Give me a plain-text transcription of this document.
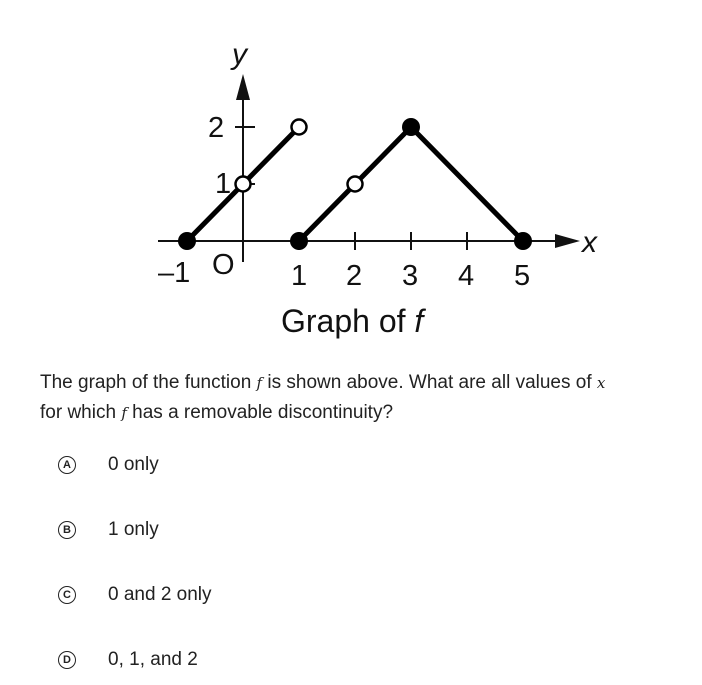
x
y
–1 O 1 2 3 4 5
1
2
Graph of f
The graph of the function f is shown above. What are all values of x
for which f has a removable discontinuity?
A 0 only
B 1 only
C 0 and 2 only
D 0, 1, and 2
